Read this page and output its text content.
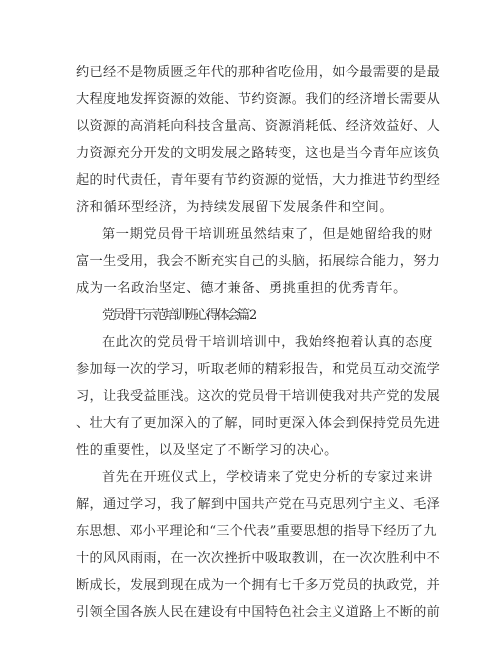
约已经不是物质匮乏年代的那种省吃俭用，如今最需要的是最
大程度地发挥资源的效能、节约资源。我们的经济增长需要从
以资源的高消耗向科技含量高、资源消耗低、经济效益好、人
力资源充分开发的文明发展之路转变，这也是当今青年应该负
起的时代责任，青年要有节约资源的觉悟，大力推进节约型经
济和循环型经济，为持续发展留下发展条件和空间。
第一期党员骨干培训班虽然结束了，但是她留给我的财
富一生受用，我会不断充实自己的头脑，拓展综合能力，努力
成为一名政治坚定、德才兼备、勇挑重担的优秀青年。
党员骨干示范培训班心得体会篇 2
在此次的党员骨干培训培训中，我始终抱着认真的态度
参加每一次的学习，听取老师的精彩报告，和党员互动交流学
习，让我受益匪浅。这次的党员骨干培训使我对共产党的发展
、壮大有了更加深入的了解，同时更深入体会到保持党员先进
性的重要性，以及坚定了不断学习的决心。
首先在开班仪式上，学校请来了党史分析的专家过来讲
解，通过学习，我了解到中国共产党在马克思列宁主义、毛泽
东思想、邓小平理论和“三个代表”重要思想的指导下经历了九
十的风风雨雨，在一次次挫折中吸取教训，在一次次胜利中不
断成长，发展到现在成为一个拥有七千多万党员的执政党，并
引领全国各族人民在建设有中国特色社会主义道路上不断的前
